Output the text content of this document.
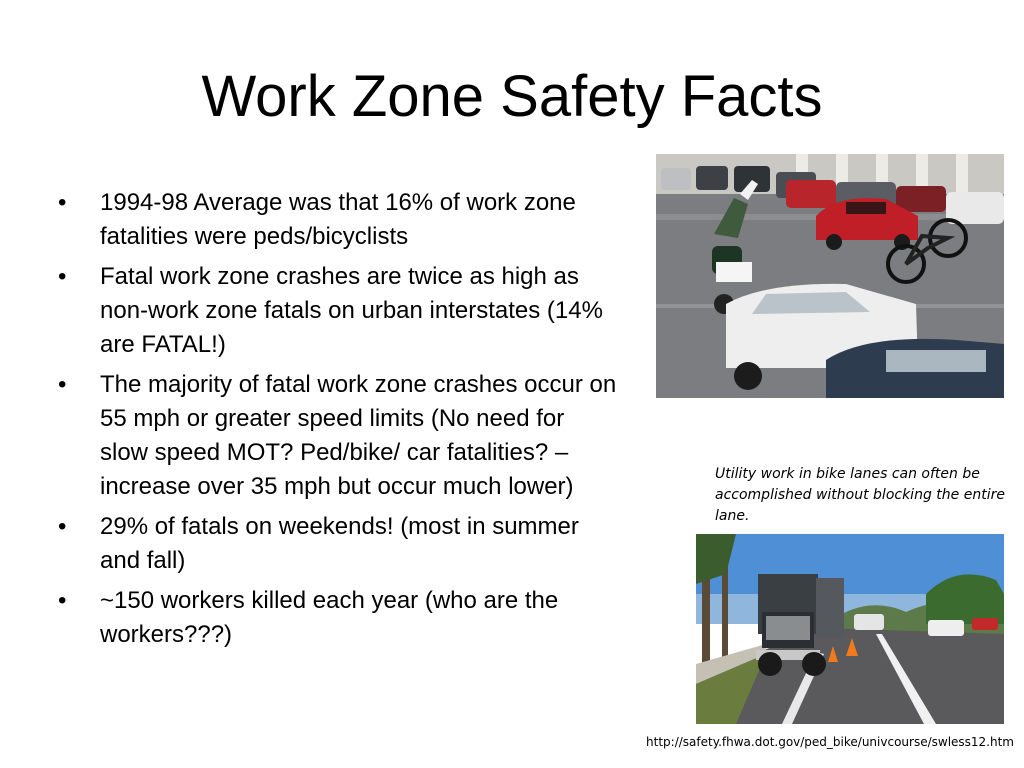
Work Zone Safety Facts
• 1994-98 Average was that 16% of work zone fatalities were peds/bicyclists
• Fatal work zone crashes are twice as high as non-work zone fatals on urban interstates (14% are FATAL!)
• The majority of fatal work zone crashes occur on 55 mph or greater speed limits (No need for slow speed MOT? Ped/bike/ car fatalities? – increase over 35 mph but occur much lower)
• 29% of fatals on weekends! (most in summer and fall)
• ~150 workers killed each year (who are the workers???)
Utility work in bike lanes can often be accomplished without blocking the entire lane.
http://safety.fhwa.dot.gov/ped_bike/univcourse/swless12.htm
